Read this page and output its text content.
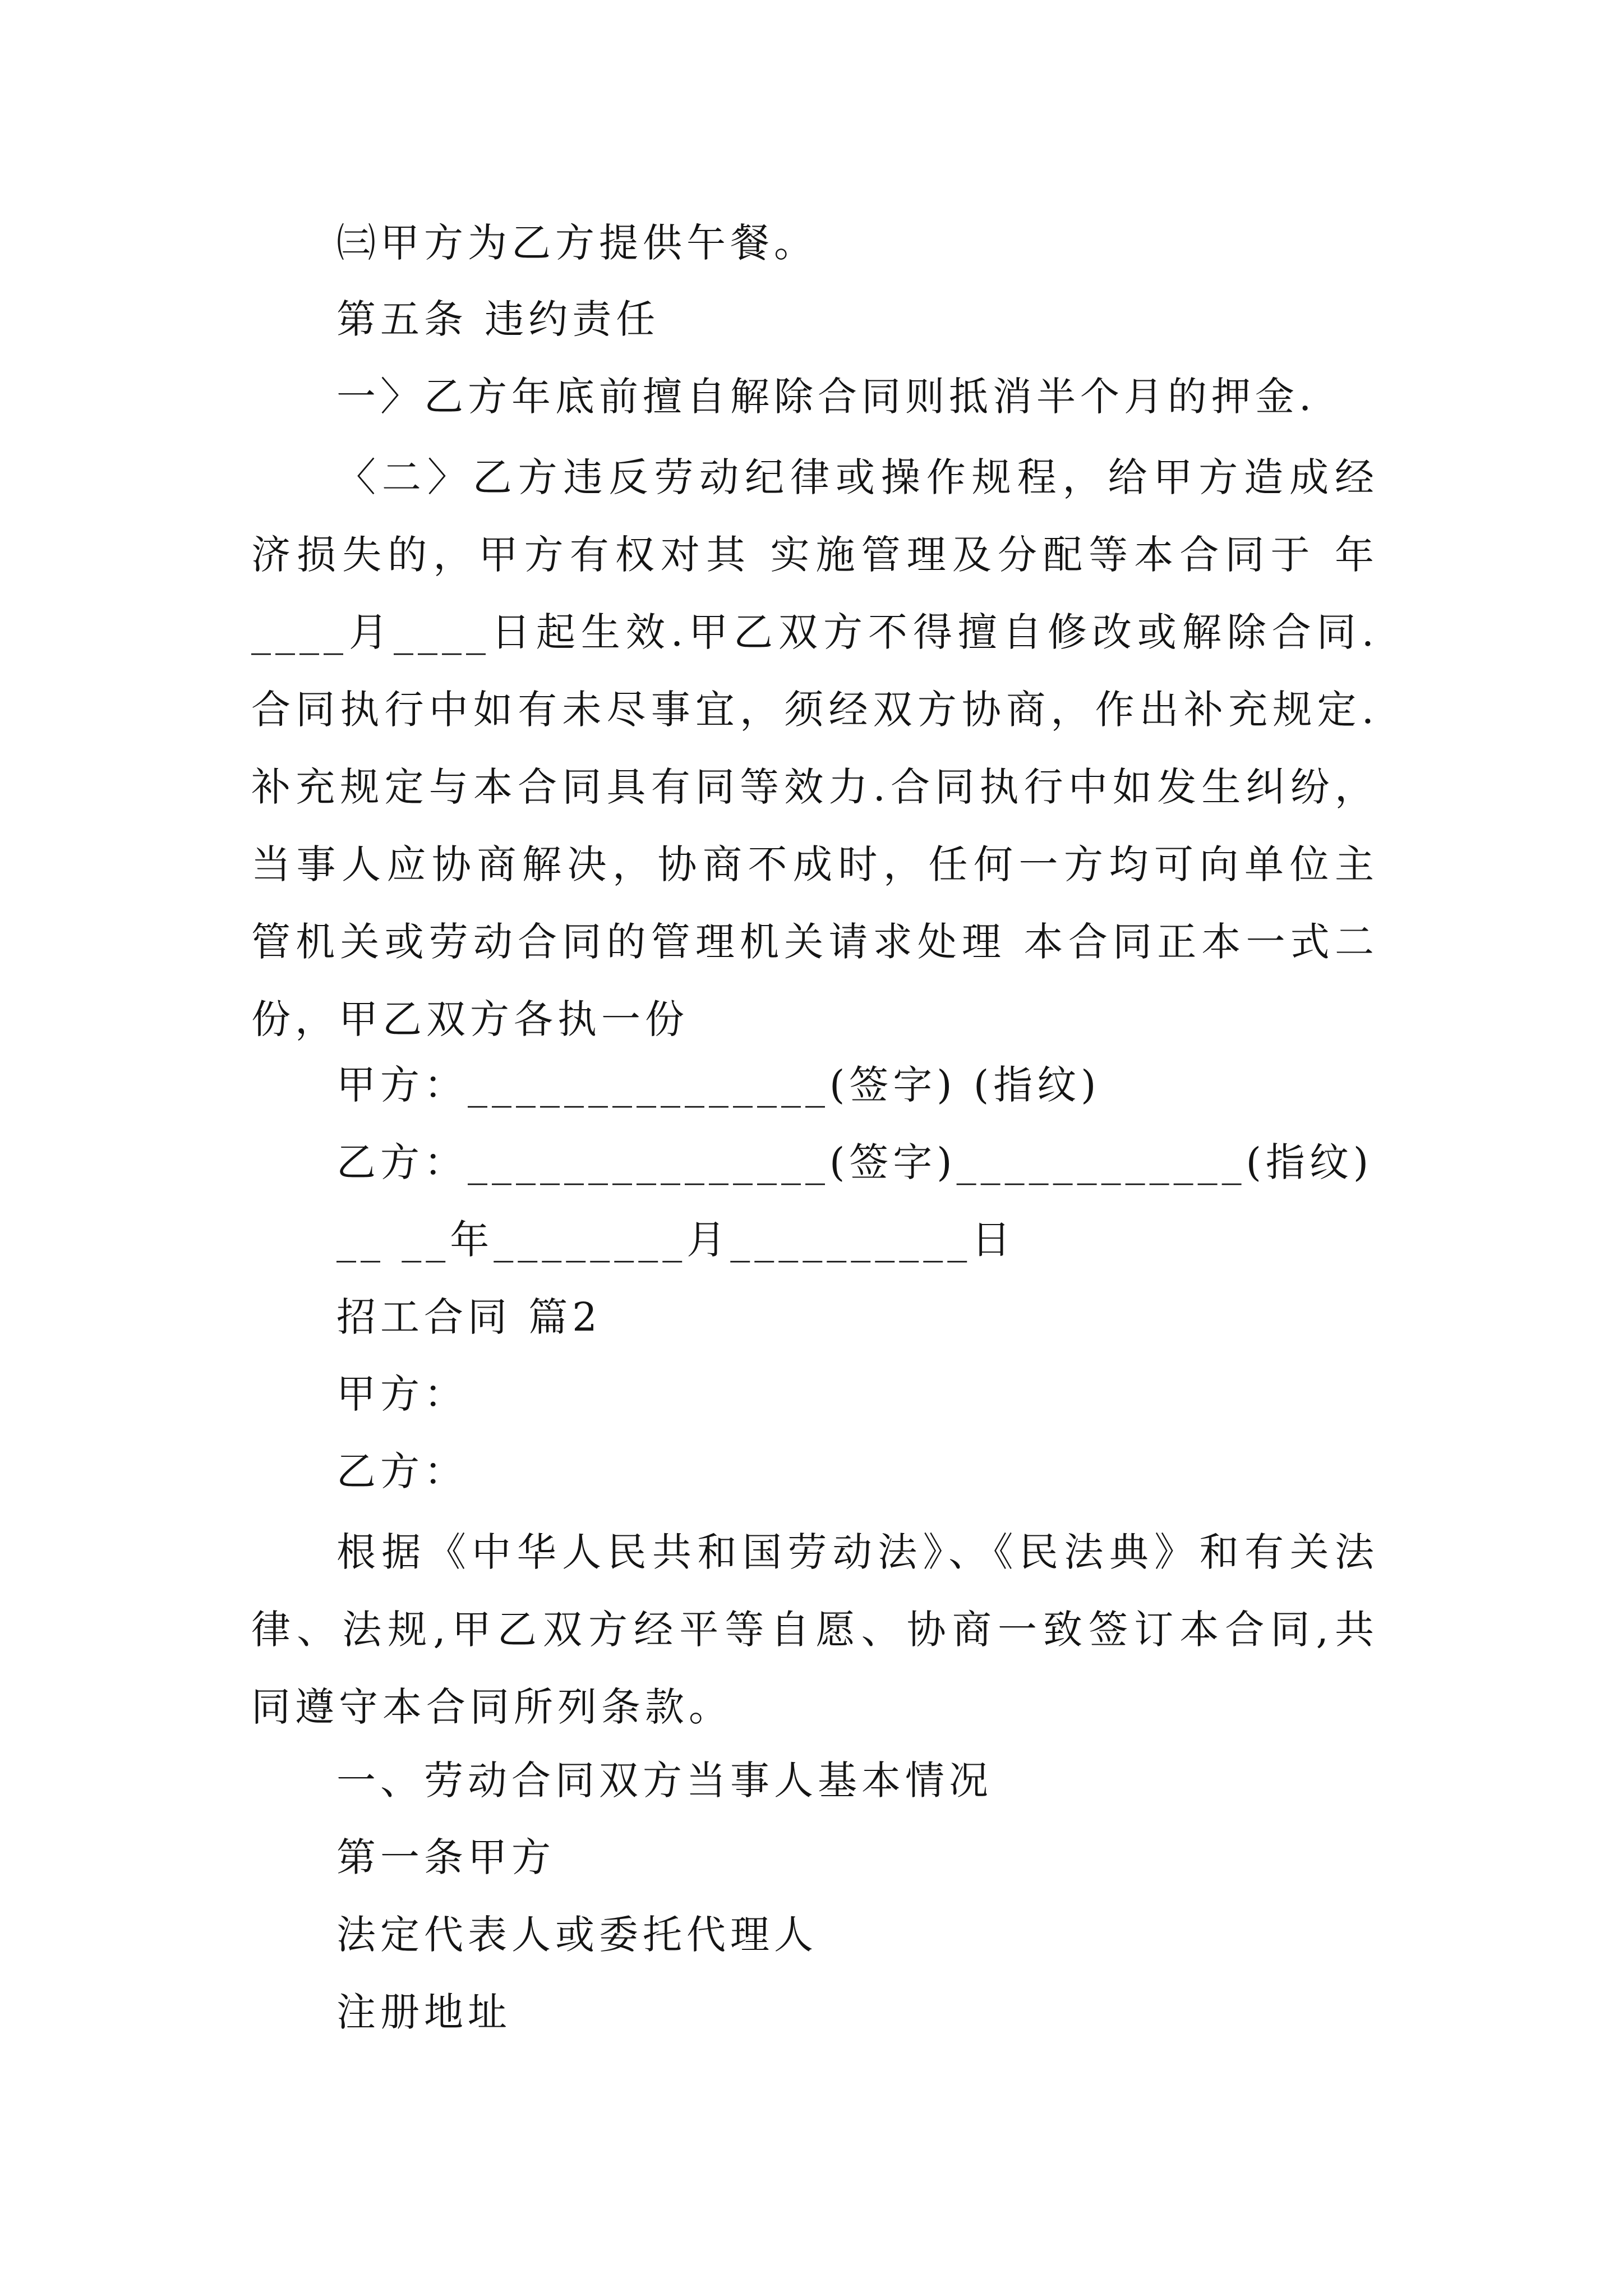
㈢甲方为乙方提供午餐。
第五条 违约责任
一〉乙方年底前擅自解除合同则抵消半个月的押金.
〈二〉乙方违反劳动纪律或操作规程，给甲方造成经济损失的，甲方有权对其 实施管理及分配等本合同于 年____月____日起生效.甲乙双方不得擅自修改或解除合同.合同执行中如有未尽事宜，须经双方协商，作出补充规定.补充规定与本合同具有同等效力.合同执行中如发生纠纷，当事人应协商解决，协商不成时，任何一方均可向单位主管机关或劳动合同的管理机关请求处理 本合同正本一式二份，甲乙双方各执一份
甲方：_______________(签字) (指纹)
乙方：_______________(签字)____________(指纹)
__ __年________月__________日
招工合同 篇2
甲方：
乙方：
根据《中华人民共和国劳动法》、《民法典》和有关法律、法规,甲乙双方经平等自愿、协商一致签订本合同,共同遵守本合同所列条款。
一、劳动合同双方当事人基本情况
第一条甲方
法定代表人或委托代理人
注册地址
